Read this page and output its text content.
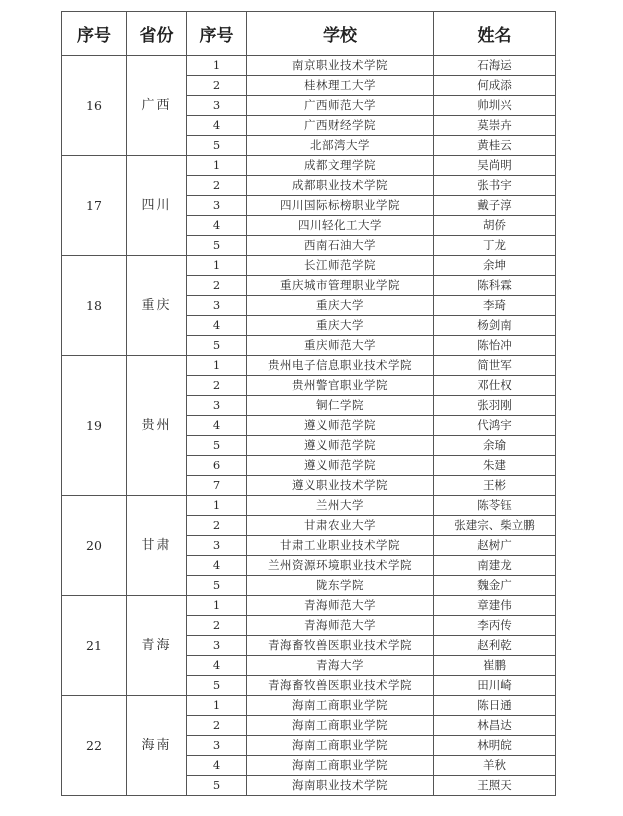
序号	省份	序号	学校	姓名
16	广西	1	南京职业技术学院	石海运
		2	桂林理工大学	何成添
		3	广西师范大学	帅圳兴
		4	广西财经学院	莫崇卉
		5	北部湾大学	黄桂云
17	四川	1	成都文理学院	吴尚明
		2	成都职业技术学院	张书宇
		3	四川国际标榜职业学院	戴子淳
		4	四川轻化工大学	胡侨
		5	西南石油大学	丁龙
18	重庆	1	长江师范学院	余坤
		2	重庆城市管理职业学院	陈科霖
		3	重庆大学	李琦
		4	重庆大学	杨剑南
		5	重庆师范大学	陈怡冲
19	贵州	1	贵州电子信息职业技术学院	简世军
		2	贵州警官职业学院	邓仕权
		3	铜仁学院	张羽刚
		4	遵义师范学院	代鸿宇
		5	遵义师范学院	余瑜
		6	遵义师范学院	朱建
		7	遵义职业技术学院	王彬
20	甘肃	1	兰州大学	陈苓钰
		2	甘肃农业大学	张建宗、柴立鹏
		3	甘肃工业职业技术学院	赵树广
		4	兰州资源环境职业技术学院	南建龙
		5	陇东学院	魏金广
21	青海	1	青海师范大学	章建伟
		2	青海师范大学	李丙传
		3	青海畜牧兽医职业技术学院	赵利乾
		4	青海大学	崔鹏
		5	青海畜牧兽医职业技术学院	田川崎
22	海南	1	海南工商职业学院	陈日通
		2	海南工商职业学院	林昌达
		3	海南工商职业学院	林明皖
		4	海南工商职业学院	羊秋
		5	海南职业技术学院	王照天
